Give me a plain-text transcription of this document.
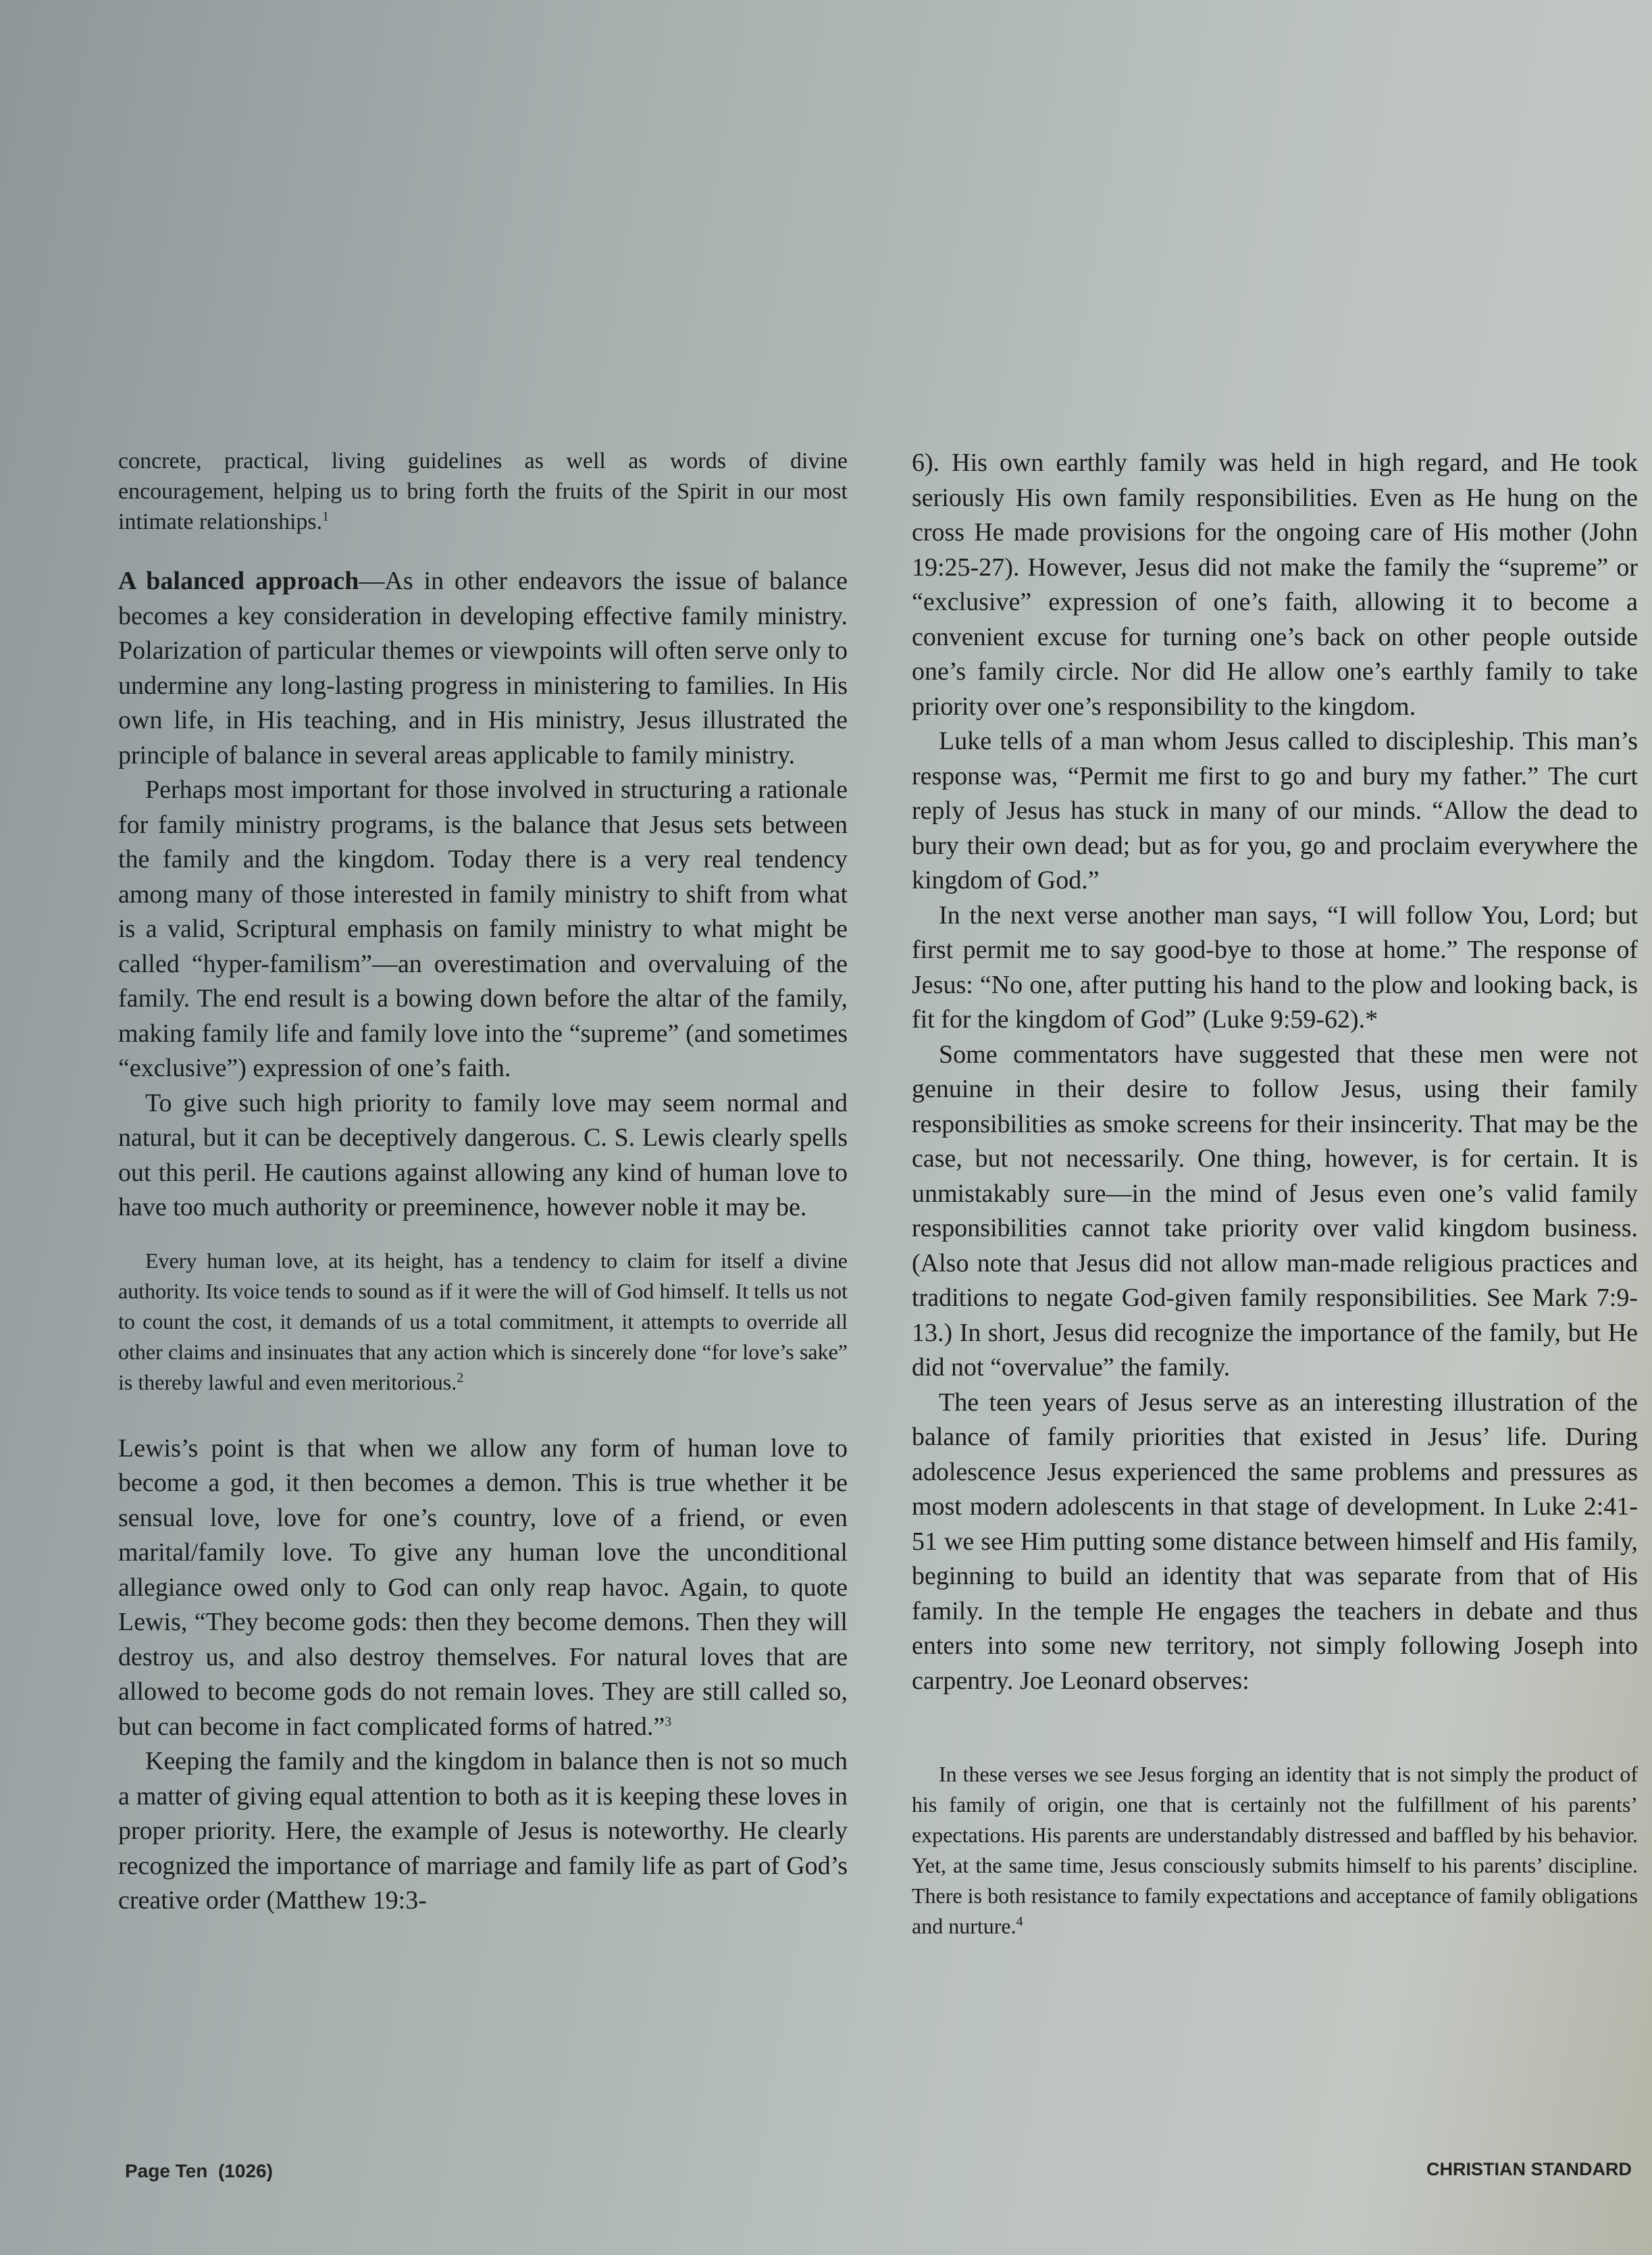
concrete, practical, living guidelines as well as words of divine encouragement, helping us to bring forth the fruits of the Spirit in our most intimate relationships.$^1$

A balanced approach—As in other endeavors the issue of balance becomes a key consideration in developing effective family ministry. Polarization of particular themes or viewpoints will often serve only to undermine any long-lasting progress in ministering to families. In His own life, in His teaching, and in His ministry, Jesus illustrated the principle of balance in several areas applicable to family ministry.

Perhaps most important for those involved in structuring a rationale for family ministry programs, is the balance that Jesus sets between the family and the kingdom. Today there is a very real tendency among many of those interested in family ministry to shift from what is a valid, Scriptural emphasis on family ministry to what might be called “hyper-familism”—an overestimation and overvaluing of the family. The end result is a bowing down before the altar of the family, making family life and family love into the “supreme” (and sometimes “exclusive”) expression of one’s faith.

To give such high priority to family love may seem normal and natural, but it can be deceptively dangerous. C. S. Lewis clearly spells out this peril. He cautions against allowing any kind of human love to have too much authority or preeminence, however noble it may be.

Every human love, at its height, has a tendency to claim for itself a divine authority. Its voice tends to sound as if it were the will of God himself. It tells us not to count the cost, it demands of us a total commitment, it attempts to override all other claims and insinuates that any action which is sincerely done “for love’s sake” is thereby lawful and even meritorious.$^2$

Lewis’s point is that when we allow any form of human love to become a god, it then becomes a demon. This is true whether it be sensual love, love for one’s country, love of a friend, or even marital/family love. To give any human love the unconditional allegiance owed only to God can only reap havoc. Again, to quote Lewis, “They become gods: then they become demons. Then they will destroy us, and also destroy themselves. For natural loves that are allowed to become gods do not remain loves. They are still called so, but can become in fact complicated forms of hatred.”$^3$

Keeping the family and the kingdom in balance then is not so much a matter of giving equal attention to both as it is keeping these loves in proper priority. Here, the example of Jesus is noteworthy. He clearly recognized the importance of marriage and family life as part of God’s creative order (Matthew 19:3-

6). His own earthly family was held in high regard, and He took seriously His own family responsibilities. Even as He hung on the cross He made provisions for the ongoing care of His mother (John 19:25-27). However, Jesus did not make the family the “supreme” or “exclusive” expression of one’s faith, allowing it to become a convenient excuse for turning one’s back on other people outside one’s family circle. Nor did He allow one’s earthly family to take priority over one’s responsibility to the kingdom.

Luke tells of a man whom Jesus called to discipleship. This man’s response was, “Permit me first to go and bury my father.” The curt reply of Jesus has stuck in many of our minds. “Allow the dead to bury their own dead; but as for you, go and proclaim everywhere the kingdom of God.”

In the next verse another man says, “I will follow You, Lord; but first permit me to say good-bye to those at home.” The response of Jesus: “No one, after putting his hand to the plow and looking back, is fit for the kingdom of God” (Luke 9:59-62).*

Some commentators have suggested that these men were not genuine in their desire to follow Jesus, using their family responsibilities as smoke screens for their insincerity. That may be the case, but not necessarily. One thing, however, is for certain. It is unmistakably sure—in the mind of Jesus even one’s valid family responsibilities cannot take priority over valid kingdom business. (Also note that Jesus did not allow man-made religious practices and traditions to negate God-given family responsibilities. See Mark 7:9-13.) In short, Jesus did recognize the importance of the family, but He did not “overvalue” the family.

The teen years of Jesus serve as an interesting illustration of the balance of family priorities that existed in Jesus’ life. During adolescence Jesus experienced the same problems and pressures as most modern adolescents in that stage of development. In Luke 2:41-51 we see Him putting some distance between himself and His family, beginning to build an identity that was separate from that of His family. In the temple He engages the teachers in debate and thus enters into some new territory, not simply following Joseph into carpentry. Joe Leonard observes:

In these verses we see Jesus forging an identity that is not simply the product of his family of origin, one that is certainly not the fulfillment of his parents’ expectations. His parents are understandably distressed and baffled by his behavior. Yet, at the same time, Jesus consciously submits himself to his parents’ discipline. There is both resistance to family expectations and acceptance of family obligations and nurture.$^4$
Page Ten (1026)	CHRISTIAN STANDARD
